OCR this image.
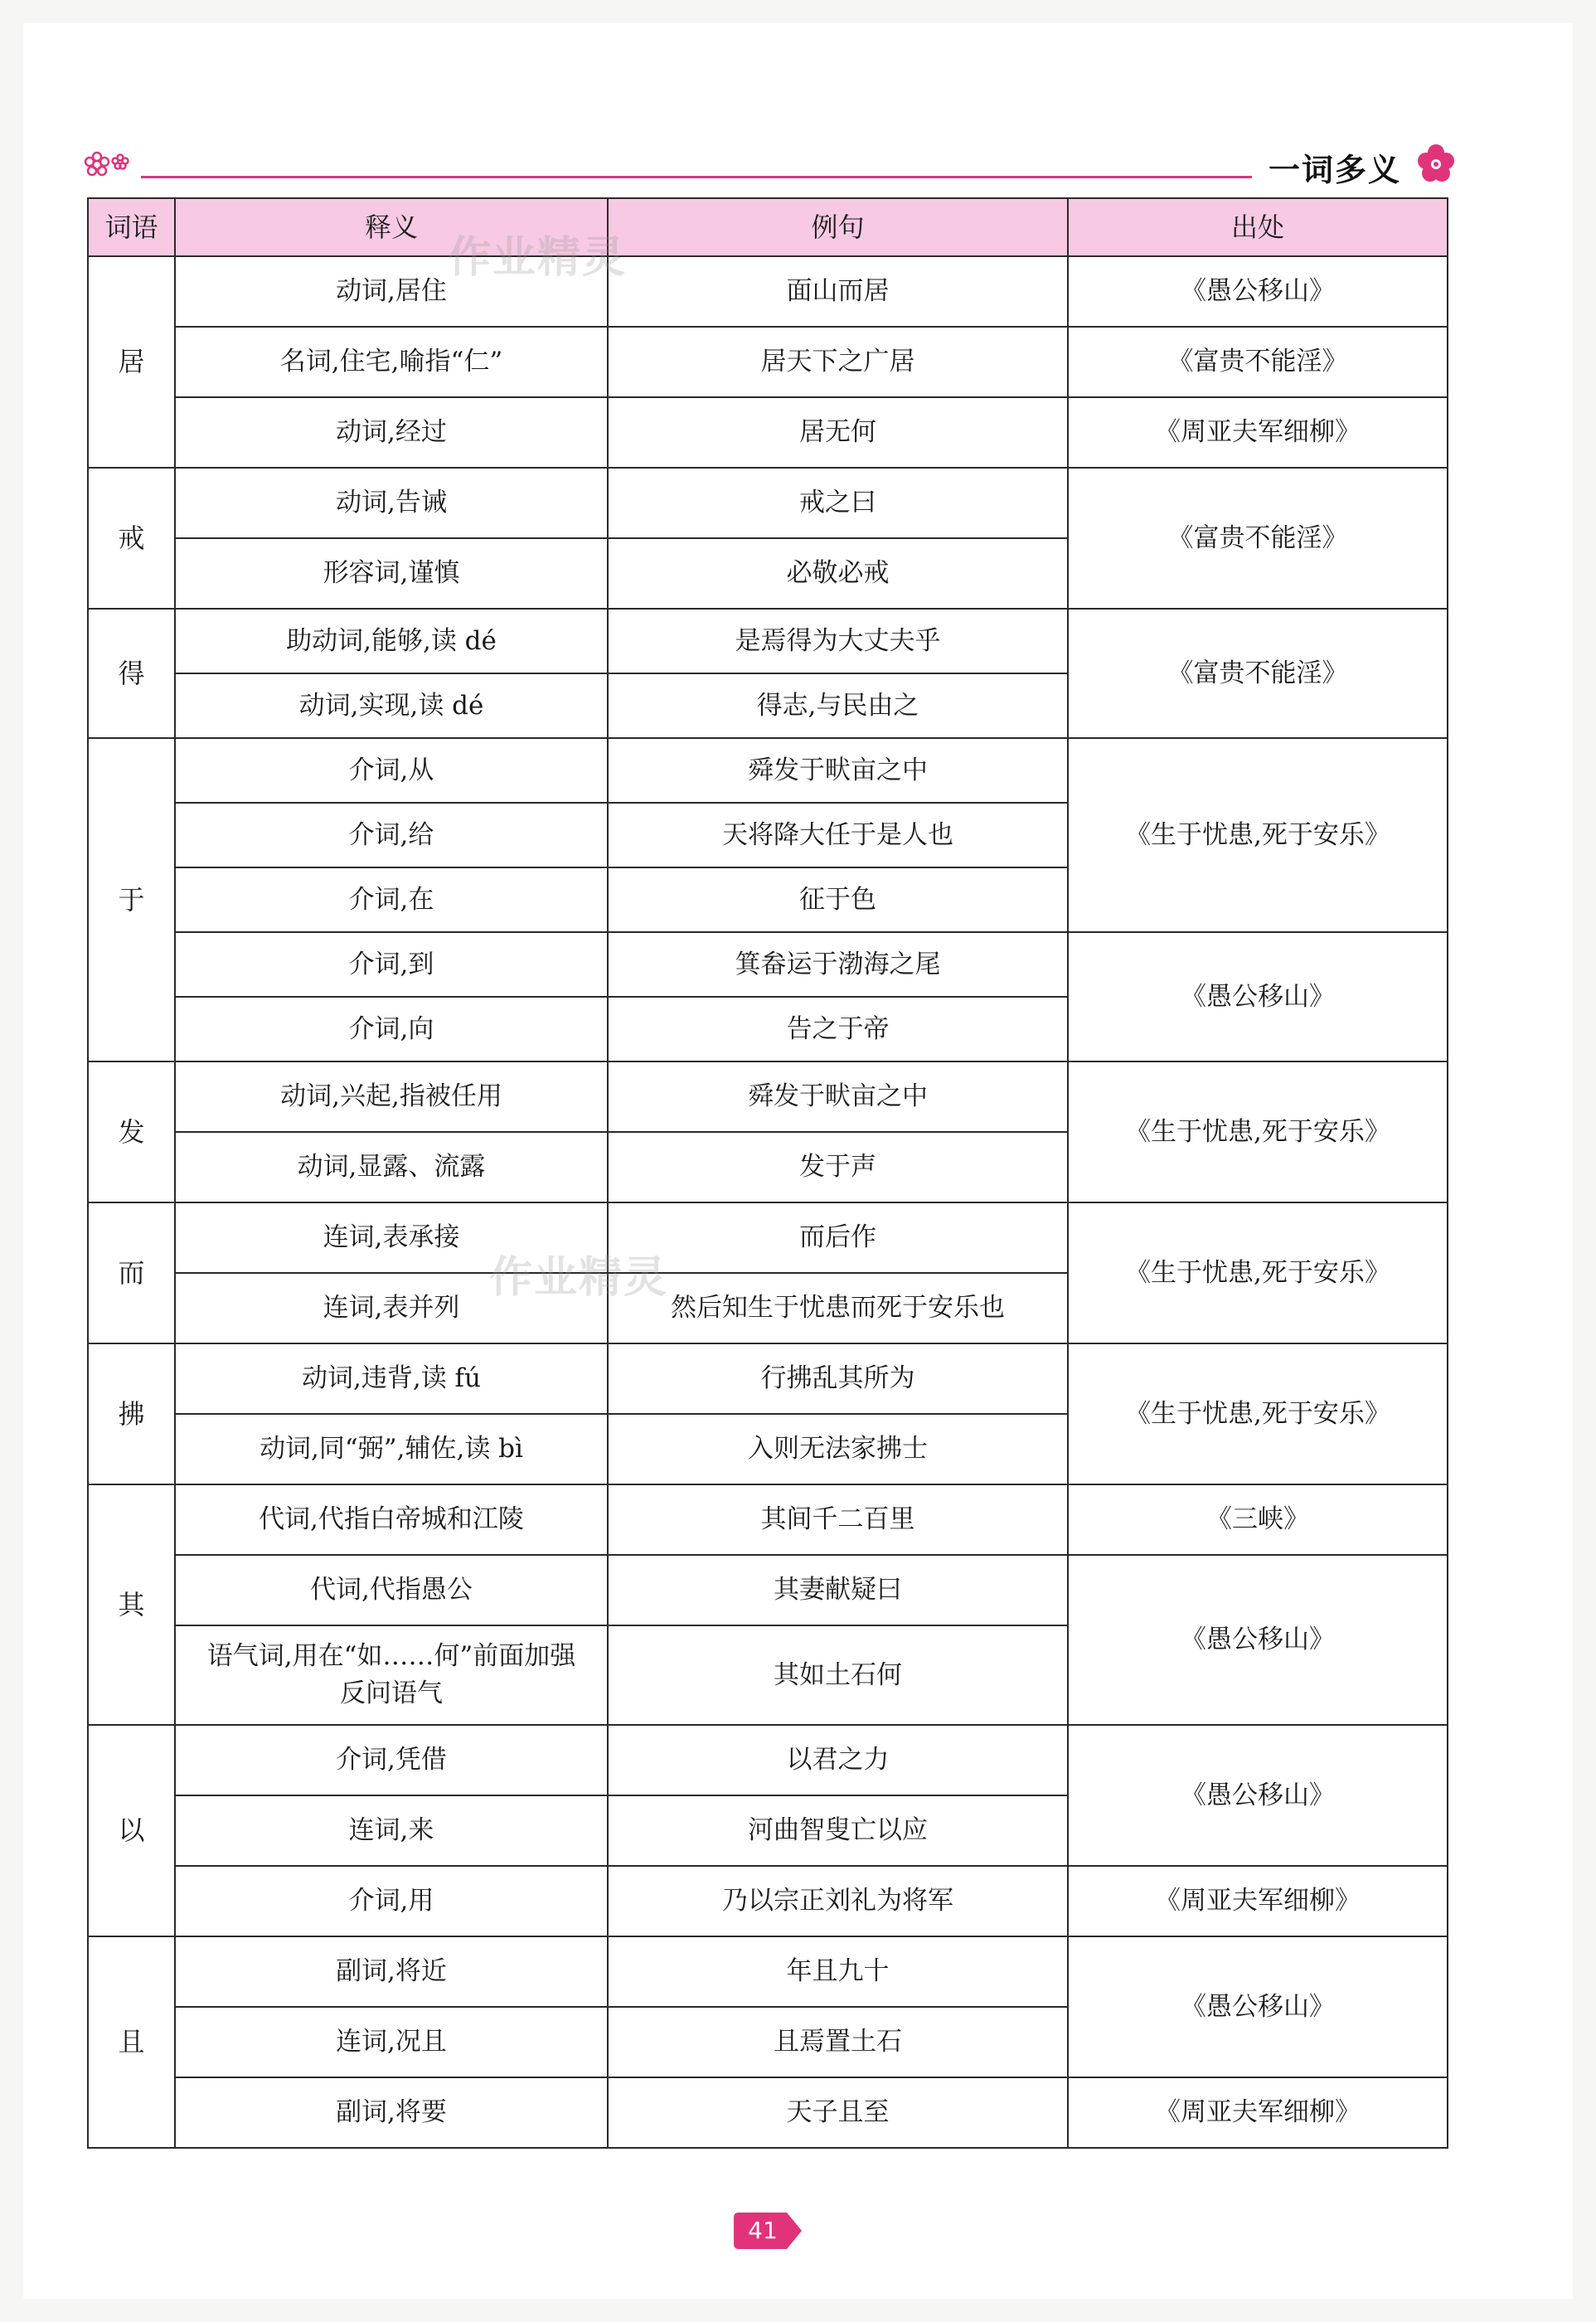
一词多义
词语	释义	例句	出处
居	动词,居住	面山而居	《愚公移山》
	名词,住宅,喻指“仁”	居天下之广居	《富贵不能淫》
	动词,经过	居无何	《周亚夫军细柳》
戒	动词,告诫	戒之曰	《富贵不能淫》
	形容词,谨慎	必敬必戒	
得	助动词,能够,读 dé	是焉得为大丈夫乎	《富贵不能淫》
	动词,实现,读 dé	得志,与民由之	
于	介词,从	舜发于畎亩之中	《生于忧患,死于安乐》
	介词,给	天将降大任于是人也	
	介词,在	征于色	
	介词,到	箕畚运于渤海之尾	《愚公移山》
	介词,向	告之于帝	
发	动词,兴起,指被任用	舜发于畎亩之中	《生于忧患,死于安乐》
	动词,显露、流露	发于声	
而	连词,表承接	而后作	《生于忧患,死于安乐》
	连词,表并列	然后知生于忧患而死于安乐也	
拂	动词,违背,读 fú	行拂乱其所为	《生于忧患,死于安乐》
	动词,同“弼”,辅佐,读 bì	入则无法家拂士	
其	代词,代指白帝城和江陵	其间千二百里	《三峡》
	代词,代指愚公	其妻献疑曰	《愚公移山》
	语气词,用在“如……何”前面加强反问语气	其如土石何	
以	介词,凭借	以君之力	《愚公移山》
	连词,来	河曲智叟亡以应	
	介词,用	乃以宗正刘礼为将军	《周亚夫军细柳》
且	副词,将近	年且九十	《愚公移山》
	连词,况且	且焉置土石	
	副词,将要	天子且至	《周亚夫军细柳》
作业精灵
作业精灵
41
